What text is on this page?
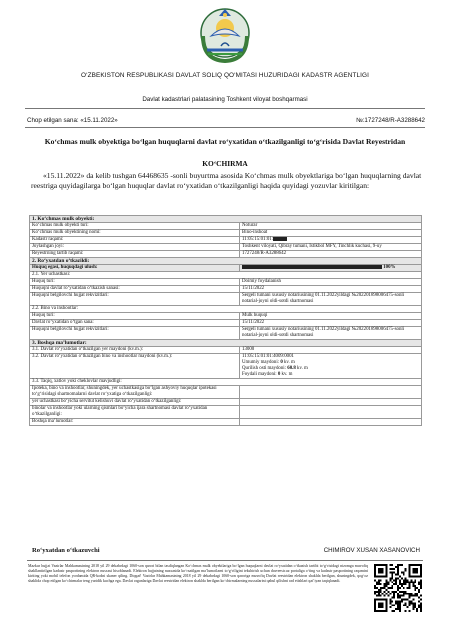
O‘ZBEKISTON RESPUBLIKASI DAVLAT SOLIQ QO‘MITASI HUZURIDAGI KADASTR AGENTLIGI
Davlat kadastrlari palatasining Toshkent viloyat boshqarmasi
Chop etilgan sana: «15.11.2022»	№:1727248/R-A3288642
Ko‘chmas mulk obyektiga bo‘lgan huquqlarni davlat ro‘yxatidan o‘tkazilganligi to‘g‘risida Davlat Reyestridan
KO‘CHIRMA
«15.11.2022» da kelib tushgan 64468635 -sonli buyurtma asosida Ko‘chmas mulk obyektlariga bo‘lgan huquqlarning davlat reestriga quyidagilarga bo‘lgan huquqlar davlat ro‘yxatidan o‘tkazilganligi haqida quyidagi yozuvlar kiritilgan:
1. Ko‘chmas mulk obyekti:	
Ko‘chmas mulk obyekti turi:	Noturar
Ko‘chmas mulk obyektining nomi:	Bino-inshoat
Kadastr raqami:	11:05:15:01:01:
Joylashgan joyi:	Toshkent viloyati, Qibray tumani, Istikbol MFY, Tinchlik kuchasi, 9-uy
Reyestrning tartib raqami:	1727248/R-A3288642
2. Ro‘yxatdan o‘tkazildi:	
Huquq egasi, huquqdagi ulush:	100%
2.1. Yer uchastkasi:	
Huquq turi:	Doimiy foydalanish
Huquqni davlat ro‘yxatidan o‘tkazish sanasi:	15/11/2022
Huquqni belgilovchi hujjat rekvizitlari:	Sergeli tumani xususiy notariusining 01.11.2022yildagi №202201898006475-sonli notarial-joyni oldi-sotdi shartnomasi
2.2. Bino va inshootlar:	
Huquq turi:	Mulk huquqi
Davlat ro‘yxatidan o‘tgan sana:	15/11/2022
Huquqni belgilovchi hujjat rekvizitlari:	Sergeli tumani xususiy notariusining 01.11.2022yildagi №202201898006475-sonli notarial-joyni oldi-sotdi shartnomasi
3. Boshqa ma’lumotlar:	
3.1. Davlat ro‘yxatidan o‘tkazilgan yer maydoni (kv.m.):	13000
3.2. Davlat ro‘yxatidan o‘tkazilgan bino va inshootlar maydoni (kv.m.):	11:05:15:01:01:4009:0001
Umumiy maydoni: 0 kv. m
Qurilish osti maydoni: 60.8 kv. m
Foydali maydoni: 0 kv. m

3.3. Taqiq, xatlov yoki cheklovlar mavjudligi:	
Ipoteka, bino va inshootlar, shuningdek, yer uchastkasiga bo‘lgan ashyoviy huquqlar ipotekasi to‘g‘risidagi shartnomalarni davlat ro‘yxatiga o‘tkazilganligi:	
yer uchastkasi bo‘yicha servitut kelishuvi davlat ro‘yxatidan o‘tkazilganligi:	
binolar va inshootlar yoki ularning qismlari bo‘yicha ijara shartnomasi davlat ro‘yxatidan o‘tkazilganligi:	
Boshqa ma’lumotlar:	
Ro‘yxatdan o‘tkazuvchi	CHIMIROV XUSAN XASANOVICH
Mazkur hujjat Vazirlar Mahkamasining 2018 yil 29 dekabrdagi 1060-son qarori bilan tasdiqlangan Ko‘chmas mulk obyektlariga bo‘lgan huquqlarni davlat ro‘yxatidan o‘tkazish tartibi to‘g‘risidagi nizomga muvofiq shakllantirilgan kadastr pasportining elektron nusxasi hisoblanadi. Elektron hujjatning nusxasida ko‘rsatilgan ma’lumotlarni to‘g‘riligini tekshirish uchun davreestr.uz portaliga o‘ting va kadastr pasportining raqamini kiriting yoki mobil telefon yordamida QR-kodni skaner qiling. Diqqat! Vazirlar Mahkamasining 2018 yil 29 dekabrdagi 1060-son qaroriga muvofiq Davlat reestridan elektron shaklda berilgan, shuningdek, qog‘oz shaklida chop etilgan ko‘chirmalar teng yuridik kuchga ega. Davlat organlariga Davlat reestridan elektron shaklda berilgan ko‘chirmalarning nusxalarini qabul qilishni rad etishlari qat’iyan taqiqlanadi.
